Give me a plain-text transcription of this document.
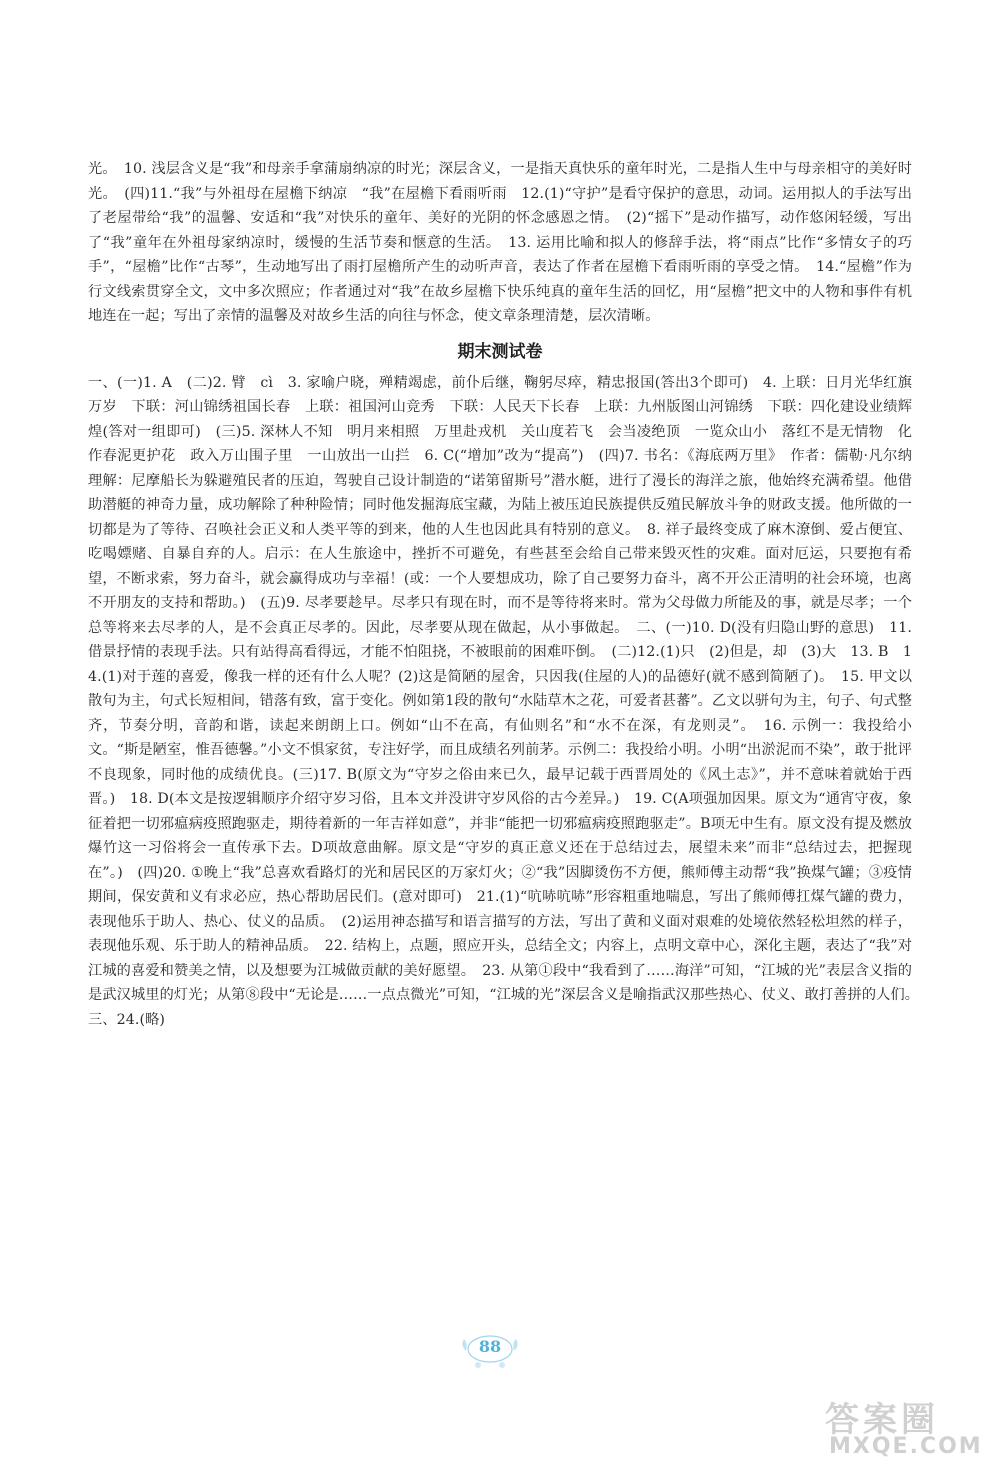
光。　10. 浅层含义是“我”和母亲手拿蒲扇纳凉的时光；深层含义，一是指天真快乐的童年时光，二是指人生中与母亲相守的美好时光。　(四)11.“我”与外祖母在屋檐下纳凉　“我”在屋檐下看雨听雨　12.(1)“守护”是看守保护的意思，动词。运用拟人的手法写出了老屋带给“我”的温馨、安适和“我”对快乐的童年、美好的光阴的怀念感恩之情。　(2)“摇下”是动作描写，动作悠闲轻缓，写出了“我”童年在外祖母家纳凉时，缓慢的生活节奏和惬意的生活。　13. 运用比喻和拟人的修辞手法，将“雨点”比作“多情女子的巧手”，“屋檐”比作“古琴”，生动地写出了雨打屋檐所产生的动听声音，表达了作者在屋檐下看雨听雨的享受之情。　14.“屋檐”作为行文线索贯穿全文，文中多次照应；作者通过对“我”在故乡屋檐下快乐纯真的童年生活的回忆，用“屋檐”把文中的人物和事件有机地连在一起；写出了亲情的温馨及对故乡生活的向往与怀念，使文章条理清楚，层次清晰。

期末测试卷

一、(一)1. A　(二)2. 臂　cì　3. 家喻户晓，殚精竭虑，前仆后继，鞠躬尽瘁，精忠报国(答出3个即可)　4. 上联：日月光华红旗万岁　下联：河山锦绣祖国长春　上联：祖国河山竞秀　下联：人民天下长春　上联：九州版图山河锦绣　下联：四化建设业绩辉煌(答对一组即可)　(三)5. 深林人不知　明月来相照　万里赴戎机　关山度若飞　会当凌绝顶　一览众山小　落红不是无情物　化作春泥更护花　政入万山围子里　一山放出一山拦　6. C(“增加”改为“提高”)　(四)7. 书名：《海底两万里》　作者：儒勒·凡尔纳　理解：尼摩船长为躲避殖民者的压迫，驾驶自己设计制造的“诺第留斯号”潜水艇，进行了漫长的海洋之旅，他始终充满希望。他借助潜艇的神奇力量，成功解除了种种险情；同时他发掘海底宝藏，为陆上被压迫民族提供反殖民解放斗争的财政支援。他所做的一切都是为了等待、召唤社会正义和人类平等的到来，他的人生也因此具有特别的意义。　8. 祥子最终变成了麻木潦倒、爱占便宜、吃喝嫖赌、自暴自弃的人。启示：在人生旅途中，挫折不可避免，有些甚至会给自己带来毁灭性的灾难。面对厄运，只要抱有希望，不断求索，努力奋斗，就会赢得成功与幸福！(或：一个人要想成功，除了自己要努力奋斗，离不开公正清明的社会环境，也离不开朋友的支持和帮助。)　(五)9. 尽孝要趁早。尽孝只有现在时，而不是等待将来时。常为父母做力所能及的事，就是尽孝；一个总等将来去尽孝的人，是不会真正尽孝的。因此，尽孝要从现在做起，从小事做起。　二、(一)10. D(没有归隐山野的意思)　11. 借景抒情的表现手法。只有站得高看得远，才能不怕阻挠，不被眼前的困难吓倒。　(二)12.(1)只　(2)但是，却　(3)大　13. B　14.(1)对于莲的喜爱，像我一样的还有什么人呢？(2)这是简陋的屋舍，只因我(住屋的人)的品德好(就不感到简陋了)。　15. 甲文以散句为主，句式长短相间，错落有致，富于变化。例如第1段的散句“水陆草木之花，可爱者甚蕃”。乙文以骈句为主，句子、句式整齐，节奏分明，音韵和谐，读起来朗朗上口。例如“山不在高，有仙则名”和“水不在深，有龙则灵”。　16. 示例一：我投给小文。“斯是陋室，惟吾德馨。”小文不惧家贫，专注好学，而且成绩名列前茅。示例二：我投给小明。小明“出淤泥而不染”，敢于批评不良现象，同时他的成绩优良。(三)17. B(原文为“守岁之俗由来已久，最早记载于西晋周处的《风土志》”，并不意味着就始于西晋。)　18. D(本文是按逻辑顺序介绍守岁习俗，且本文并没讲守岁风俗的古今差异。)　19. C(A项强加因果。原文为“通宵守夜，象征着把一切邪瘟病疫照跑驱走，期待着新的一年吉祥如意”，并非“能把一切邪瘟病疫照跑驱走”。B项无中生有。原文没有提及燃放爆竹这一习俗将会一直传承下去。D项故意曲解。原文是“守岁的真正意义还在于总结过去，展望未来”而非“总结过去，把握现在”。)　(四)20. ①晚上“我”总喜欢看路灯的光和居民区的万家灯火；②“我”因脚烫伤不方便，熊师傅主动帮“我”换煤气罐；③疫情期间，保安黄和义有求必应，热心帮助居民们。(意对即可)　21.(1)“吭哧吭哧”形容粗重地喘息，写出了熊师傅扛煤气罐的费力，表现他乐于助人、热心、仗义的品质。　(2)运用神态描写和语言描写的方法，写出了黄和义面对艰难的处境依然轻松坦然的样子，表现他乐观、乐于助人的精神品质。　22. 结构上，点题，照应开头，总结全文；内容上，点明文章中心，深化主题，表达了“我”对江城的喜爱和赞美之情，以及想要为江城做贡献的美好愿望。　23. 从第①段中“我看到了……海洋”可知，“江城的光”表层含义指的是武汉城里的灯光；从第⑧段中“无论是……一点点微光”可知，“江城的光”深层含义是喻指武汉那些热心、仗义、敢打善拼的人们。　三、24.(略)

88
答案圈
MXQE.COM
